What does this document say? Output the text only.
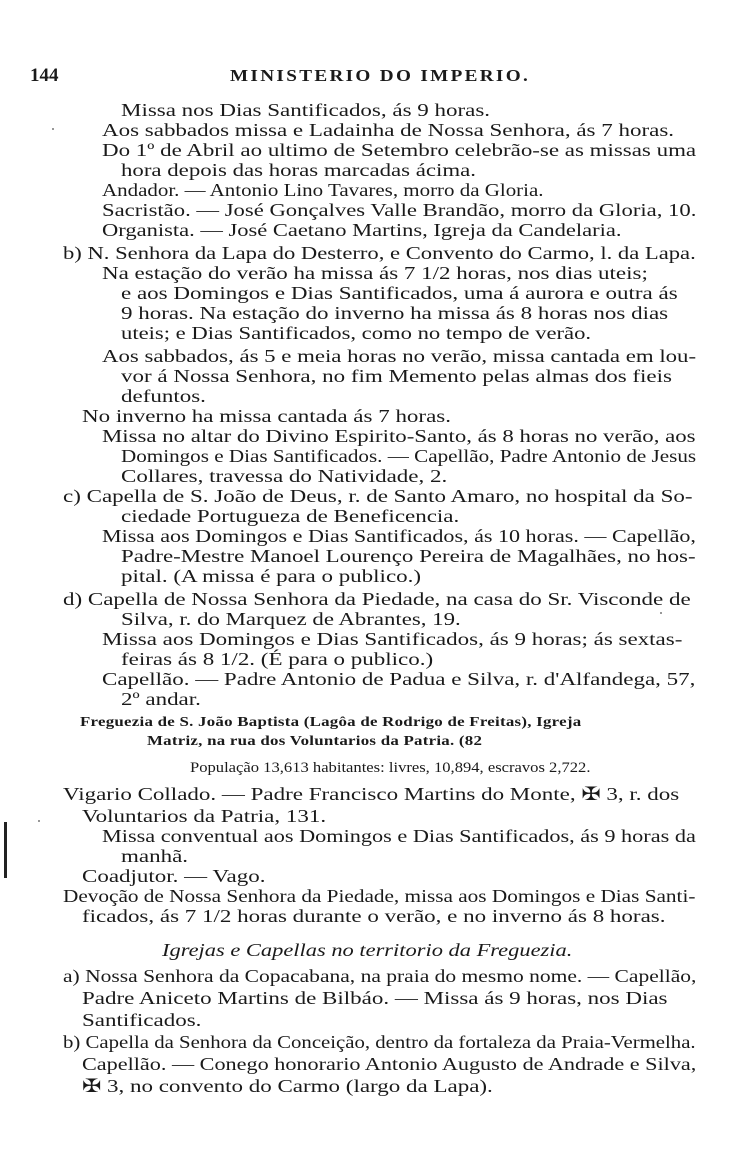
144	MINISTERIO DO IMPERIO.
Missa nos Dias Santificados, ás 9 horas.
Aos sabbados missa e Ladainha de Nossa Senhora, ás 7 horas.
Do 1º de Abril ao ultimo de Setembro celebrão-se as missas uma
hora depois das horas marcadas ácima.
Andador. — Antonio Lino Tavares, morro da Gloria.
Sacristão. — José Gonçalves Valle Brandão, morro da Gloria, 10.
Organista. — José Caetano Martins, Igreja da Candelaria.
b) N. Senhora da Lapa do Desterro, e Convento do Carmo, l. da Lapa.
Na estação do verão ha missa ás 7 1/2 horas, nos dias uteis;
e aos Domingos e Dias Santificados, uma á aurora e outra ás
9 horas. Na estação do inverno ha missa ás 8 horas nos dias
uteis; e Dias Santificados, como no tempo de verão.
Aos sabbados, ás 5 e meia horas no verão, missa cantada em lou-
vor á Nossa Senhora, no fim Memento pelas almas dos fieis
defuntos.
No inverno ha missa cantada ás 7 horas.
Missa no altar do Divino Espirito-Santo, ás 8 horas no verão, aos
Domingos e Dias Santificados. — Capellão, Padre Antonio de Jesus
Collares, travessa do Natividade, 2.
c) Capella de S. João de Deus, r. de Santo Amaro, no hospital da So-
ciedade Portugueza de Beneficencia.
Missa aos Domingos e Dias Santificados, ás 10 horas. — Capellão,
Padre-Mestre Manoel Lourenço Pereira de Magalhães, no hos-
pital. (A missa é para o publico.)
d) Capella de Nossa Senhora da Piedade, na casa do Sr. Visconde de
Silva, r. do Marquez de Abrantes, 19.
Missa aos Domingos e Dias Santificados, ás 9 horas; ás sextas-
feiras ás 8 1/2. (É para o publico.)
Capellão. — Padre Antonio de Padua e Silva, r. d'Alfandega, 57,
2º andar.
Freguezia de S. João Baptista (Lagôa de Rodrigo de Freitas), Igreja
Matriz, na rua dos Voluntarios da Patria. (82
População 13,613 habitantes: livres, 10,894, escravos 2,722.
Vigario Collado. — Padre Francisco Martins do Monte, ✠ 3, r. dos
Voluntarios da Patria, 131.
Missa conventual aos Domingos e Dias Santificados, ás 9 horas da
manhã.
Coadjutor. — Vago.
Devoção de Nossa Senhora da Piedade, missa aos Domingos e Dias Santi-
ficados, ás 7 1/2 horas durante o verão, e no inverno ás 8 horas.
Igrejas e Capellas no territorio da Freguezia.
a) Nossa Senhora da Copacabana, na praia do mesmo nome. — Capellão,
Padre Aniceto Martins de Bilbáo. — Missa ás 9 horas, nos Dias
Santificados.
b) Capella da Senhora da Conceição, dentro da fortaleza da Praia-Vermelha.
Capellão. — Conego honorario Antonio Augusto de Andrade e Silva,
✠ 3, no convento do Carmo (largo da Lapa).
